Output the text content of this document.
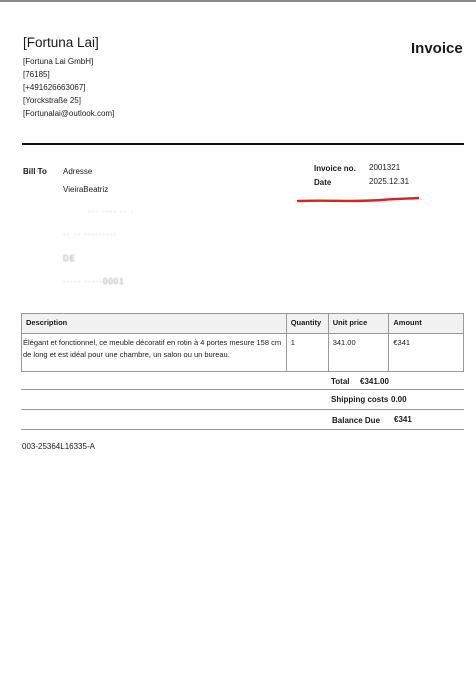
[Fortuna Lai]
[Fortuna Lai GmbH]
[76185]
[+491626663067]
[Yorckstraße 25]
[Fortunalai@outlook.com]
Invoice
Bill To Adresse
VieiraBeatriz
··· ···· ·· ·
·· ·· ·········
DE
····· ·····0001
Invoice no. 2001321
Date	2025.12.31
Description	Quantity	Unit price	Amount
Élégant et fonctionnel, ce meuble décoratif en rotin à 4 portes mesure 158 cm de long et est idéal pour une chambre, un salon ou un bureau.	1	341.00	€341
Total €341.00
Shipping costs 0.00
Balance Due €341
003-25364L16335-A
